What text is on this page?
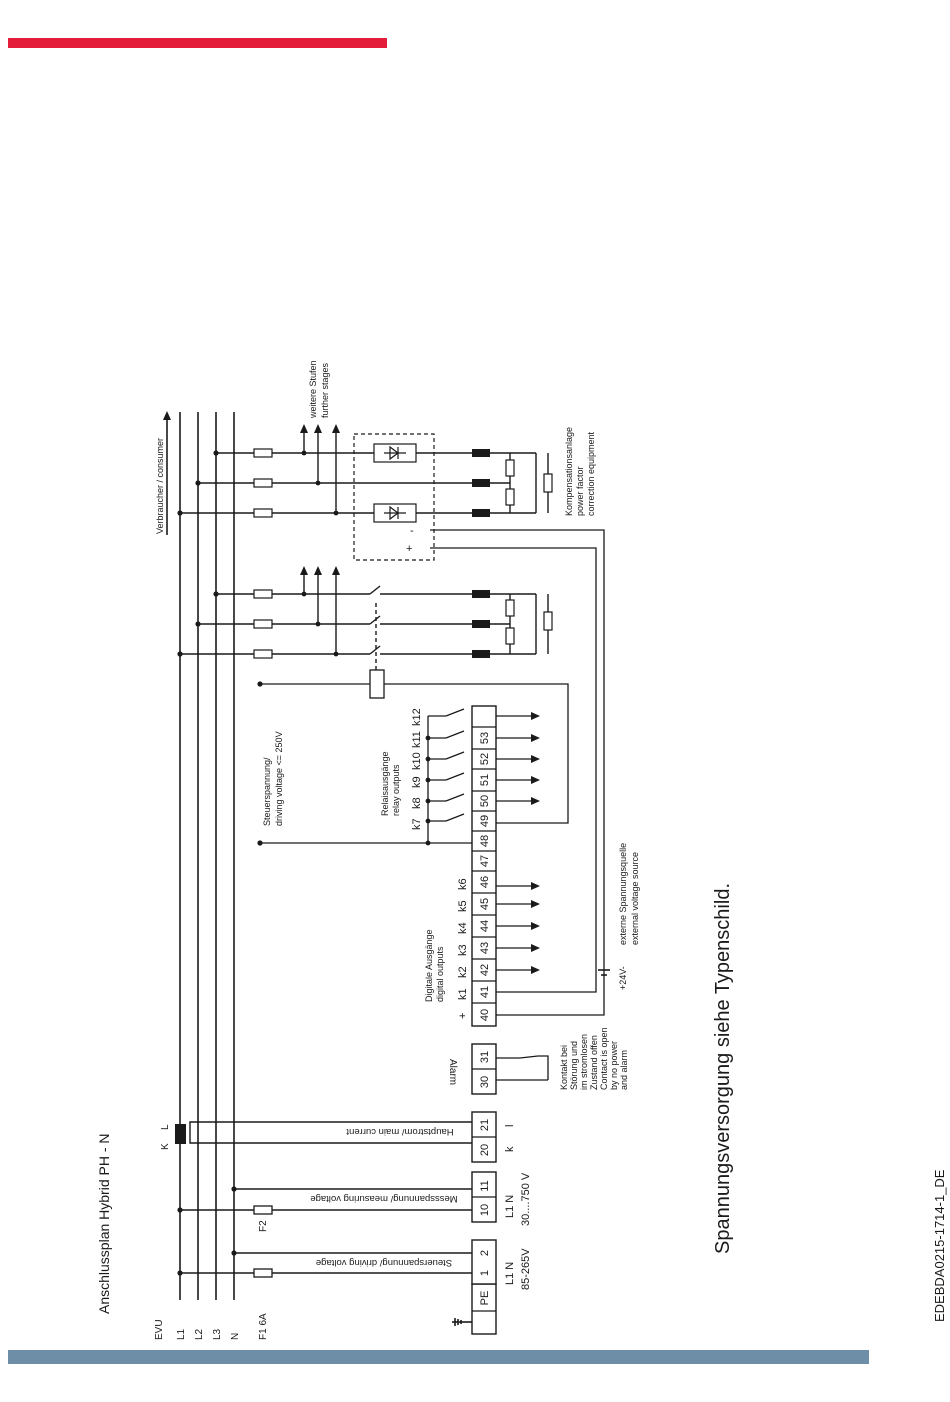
Anschlussplan Hybrid PH - N	Spannungsversorgung siehe Typenschild.	EDEBDA0215-1714-1_DE
PE
1
2
10
11
20
21
30
31
40
41
42
43
44
45
46
47
48
49
50
51
52
53
Steuerspannung/ driving voltage
Messspannung/ measuring voltage
Hauptstrom/ main current
EVU L1 L2 L3 N F1 6A
F2
K
L
L1 N 85-265V
L1 N 30....750 V
k
l
Alarm	Kontakt bei Störung und im stromlosen Zustand offen Contact is open by no power and alarm
+24V-
externe Spannungsquelle external voltage source
Digitale Ausgänge digital outputs
+
k1
k2
k3
k4
k5
k6
k7
k8
k9
k10
k11
k12
Relaisausgänge relay outputs
Steuerspannung/ driving voltage <= 250V
-
+
Verbraucher / consumer
weitere Stufen further stages
Kompensationsanlage power factor correction equipment
